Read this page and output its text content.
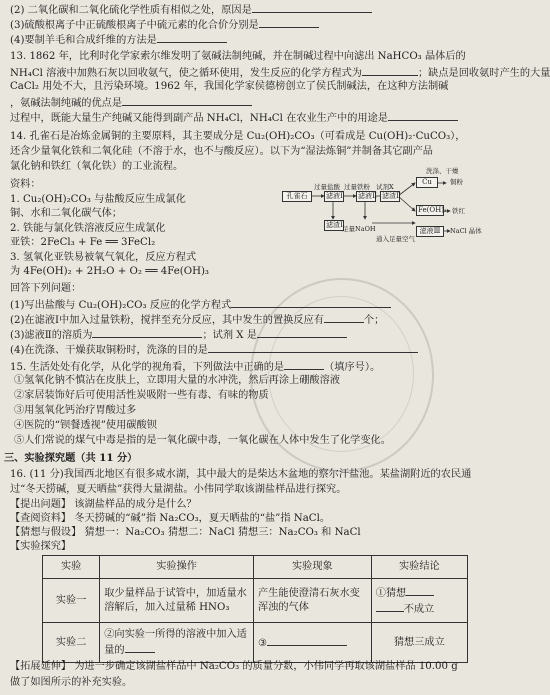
(2) 二氧化碳和二氧化硫化学性质有相似之处，原因是
(3)硫酸根离子中正硫酸根离子中硫元素的化合价分别是
(4)要制羊毛和合成纤维的方法是
13. 1862 年，比利时化学家索尔维发明了氨碱法制纯碱，并在制碱过程中向滤出 NaHCO₃ 晶体后的
NH₄Cl 溶液中加熟石灰以回收氨气，使之循环使用，发生反应的化学方程式为	；缺点是回收氨时产生的大量
CaCl₂ 用处不大，且污染环境。1962 年，我国化学家侯德榜创立了侯氏制碱法，在这种方法制碱
，氨碱法制纯碱的优点是
过程中，既能大量生产纯碱又能得到副产品 NH₄Cl，NH₄Cl 在农业生产中的用途是
14. 孔雀石是冶炼金属铜的主要原料，其主要成分是 Cu₂(OH)₂CO₃（可看成是 Cu(OH)₂·CuCO₃），
还含少量氧化铁和二氧化硅（不溶于水，也不与酸反应）。以下为“湿法炼铜”并制备其它副产品
氯化钠和铁红（氧化铁）的工业流程。
资料：
1. Cu₂(OH)₂CO₃ 与盐酸反应生成氯化
铜、水和二氧化碳气体；
2. 铁能与氯化铁溶液反应生成氯化
亚铁：2FeCl₃ + Fe ══ 3FeCl₂
3. 氢氧化亚铁易被氧气氧化，反应方程式
为 4Fe(OH)₂ + 2H₂O + O₂ ══ 4Fe(OH)₃
孔雀石
过量盐酸
滤液Ⅰ
过量铁粉
滤液Ⅱ
滤渣Ⅰ
试剂X
滤渣Ⅱ
足量NaOH
Cu
洗涤、干燥
铜粉
Fe(OH)₃ 铁红
滤液Ⅲ	NaCl 晶体
通入足量空气
回答下列问题：
(1)写出盐酸与 Cu₂(OH)₂CO₃ 反应的化学方程式
(2)在滤液Ⅰ中加入过量铁粉，搅拌至充分反应，其中发生的置换反应有	个；
(3)滤液Ⅱ的溶质为	；试剂 X 是
(4)在洗涤、干燥获取铜粉时，洗涤的目的是
15. 生活处处有化学，从化学的视角看，下列做法中正确的是	（填序号）。
①氢氧化钠不慎沾在皮肤上，立即用大量的水冲洗，然后再涂上硼酸溶液
②家居装饰好后可使用活性炭吸附一些有毒、有味的物质
③用氢氧化钙治疗胃酸过多
④医院的“钡餐透视”使用碳酸钡
⑤人们常说的煤气中毒是指的是一氧化碳中毒，一氧化碳在人体中发生了化学变化。
三、实验探究题（共 11 分）
16. (11 分)我国西北地区有很多咸水湖，其中最大的是柴达木盆地的察尔汗盐池。某盐湖附近的农民通
过“冬天捞碱，夏天晒盐”获得大量湖盐。小伟同学取该湖盐样品进行探究。
【提出问题】 该湖盐样品的成分是什么？
【查阅资料】 冬天捞碱的“碱”指 Na₂CO₃，夏天晒盐的“盐”指 NaCl。
【猜想与假设】 猜想一：Na₂CO₃ 猜想二：NaCl 猜想三：Na₂CO₃ 和 NaCl
【实验探究】
实验	实验操作	实验现象	实验结论
实验一	取少量样品于试管中，加适量水溶解后，加入过量稀 HNO₃	产生能使澄清石灰水变浑浊的气体	①猜想
不成立
实验二	②向实验一所得的溶液中加入适量的	③	猜想三成立
【拓展延伸】 为进一步确定该湖盐样品中 Na₂CO₃ 的质量分数，小伟同学再取该湖盐样品 10.00 g
做了如图所示的补充实验。
